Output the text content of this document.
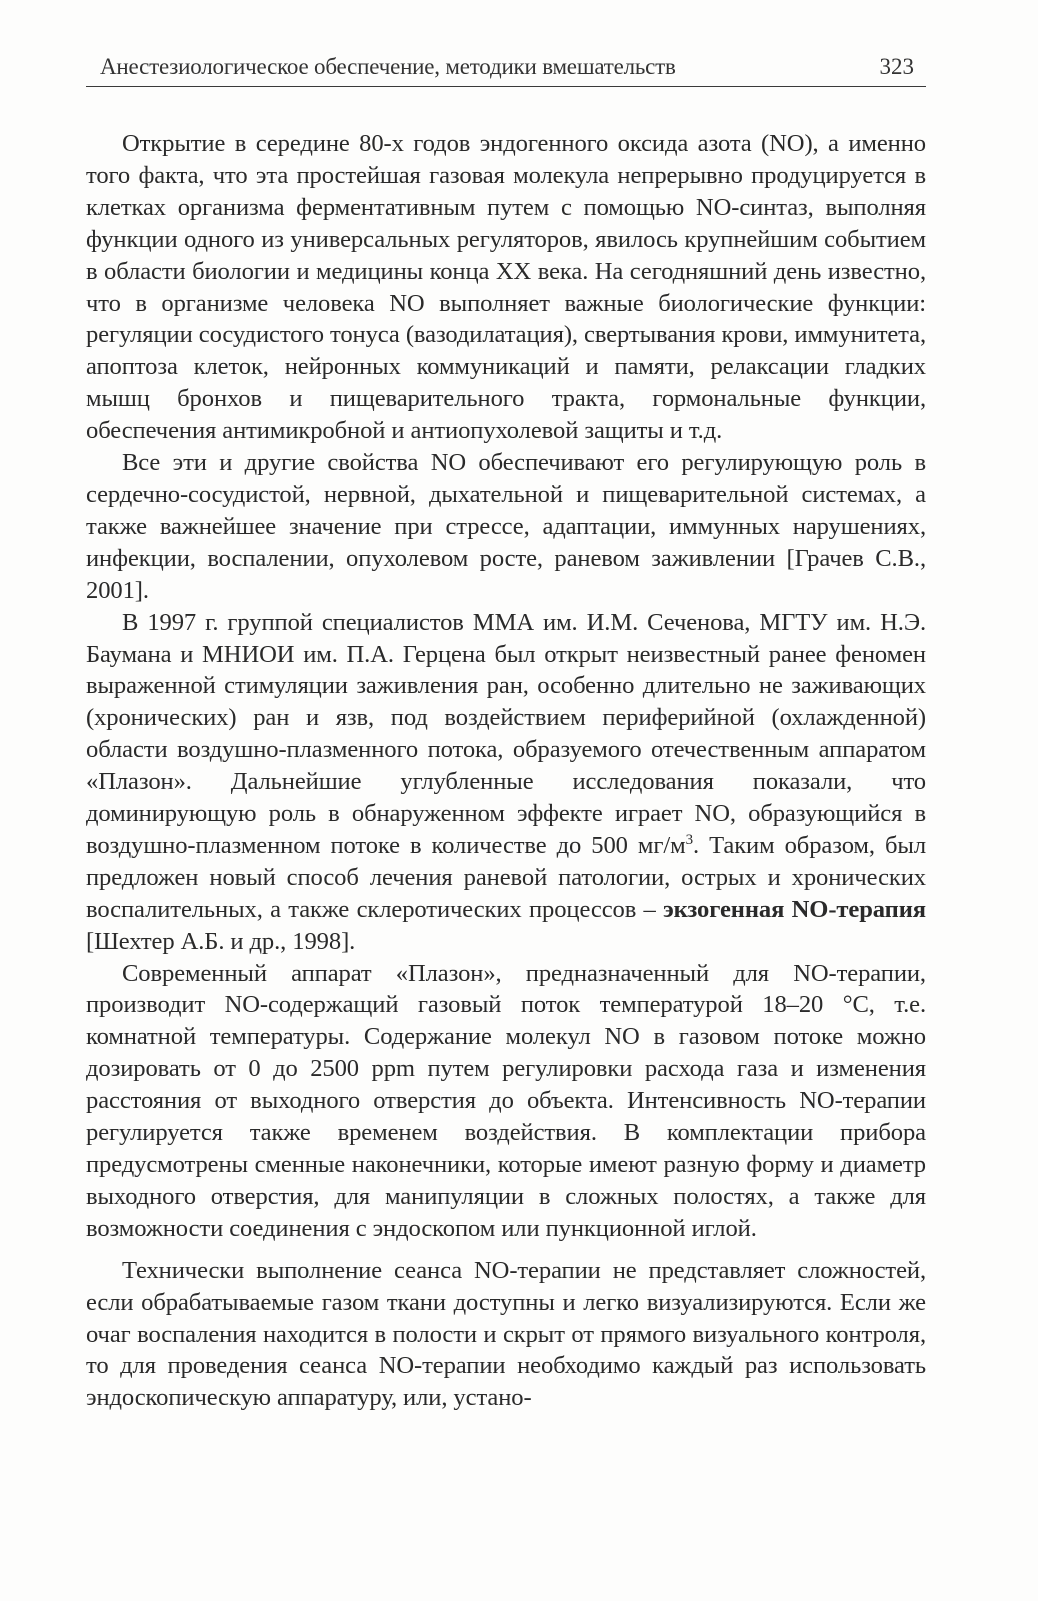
Анестезиологическое обеспечение, методики вмешательств	323

Открытие в середине 80-х годов эндогенного оксида азота (NO), а именно того факта, что эта простейшая газовая молекула непрерывно продуцируется в клетках организма ферментативным путем с помощью NO-синтаз, выполняя функции одного из универсальных регуляторов, явилось крупнейшим событием в области биологии и медицины конца XX века. На сегодняшний день известно, что в организме человека NO выполняет важные биологические функции: регуляции сосудистого тонуса (вазодилатация), свертывания крови, иммунитета, апоптоза клеток, нейронных коммуникаций и памяти, релаксации гладких мышц бронхов и пищеварительного тракта, гормональные функции, обеспечения антимикробной и антиопухолевой защиты и т.д.

Все эти и другие свойства NO обеспечивают его регулирующую роль в сердечно-сосудистой, нервной, дыхательной и пищеварительной системах, а также важнейшее значение при стрессе, адаптации, иммунных нарушениях, инфекции, воспалении, опухолевом росте, раневом заживлении [Грачев С.В., 2001].

В 1997 г. группой специалистов ММА им. И.М. Сеченова, МГТУ им. Н.Э. Баумана и МНИОИ им. П.А. Герцена был открыт неизвестный ранее феномен выраженной стимуляции заживления ран, особенно длительно не заживающих (хронических) ран и язв, под воздействием периферийной (охлажденной) области воздушно-плазменного потока, образуемого отечественным аппаратом «Плазон». Дальнейшие углубленные исследования показали, что доминирующую роль в обнаруженном эффекте играет NO, образующийся в воздушно-плазменном потоке в количестве до 500 $мг/м^3$. Таким образом, был предложен новый способ лечения раневой патологии, острых и хронических воспалительных, а также склеротических процессов – экзогенная NO-терапия [Шехтер А.Б. и др., 1998].

Современный аппарат «Плазон», предназначенный для NO-терапии, производит NO-содержащий газовый поток температурой 18–20 °С, т.е. комнатной температуры. Содержание молекул NO в газовом потоке можно дозировать от 0 до 2500 ppm путем регулировки расхода газа и изменения расстояния от выходного отверстия до объекта. Интенсивность NO-терапии регулируется также временем воздействия. В комплектации прибора предусмотрены сменные наконечники, которые имеют разную форму и диаметр выходного отверстия, для манипуляции в сложных полостях, а также для возможности соединения с эндоскопом или пункционной иглой.

Технически выполнение сеанса NO-терапии не представляет сложностей, если обрабатываемые газом ткани доступны и легко визуализируются. Если же очаг воспаления находится в полости и скрыт от прямого визуального контроля, то для проведения сеанса NO-терапии необходимо каждый раз использовать эндоскопическую аппаратуру, или, устано-
